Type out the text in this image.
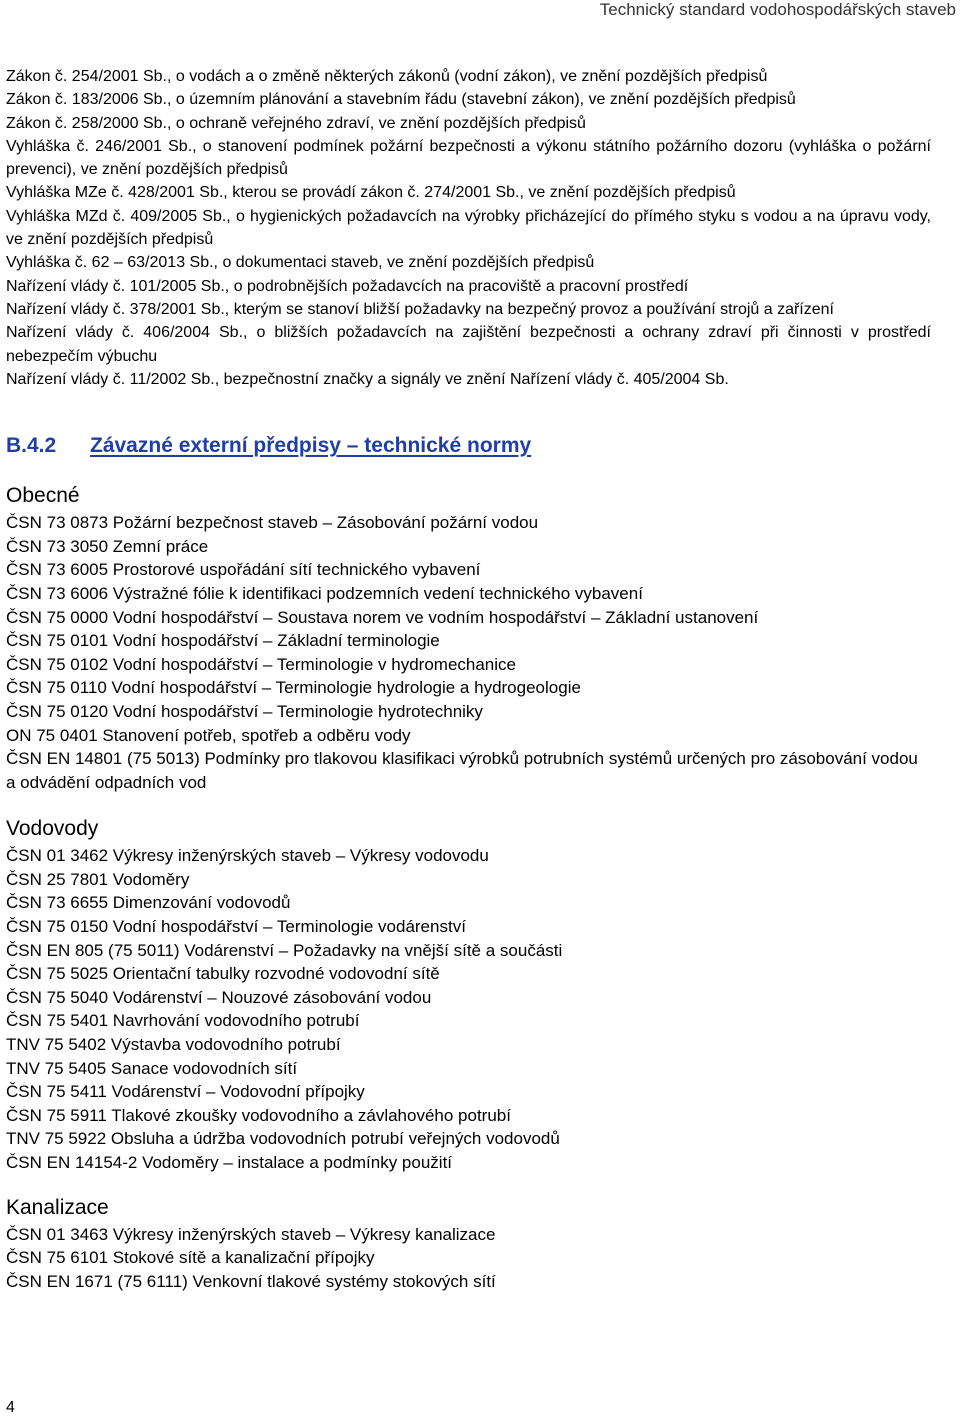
Technický standard vodohospodářských staveb

Zákon č. 254/2001 Sb., o vodách a o změně některých zákonů (vodní zákon), ve znění pozdějších předpisů

Zákon č. 183/2006 Sb., o územním plánování a stavebním řádu (stavební zákon), ve znění pozdějších předpisů

Zákon č. 258/2000 Sb., o ochraně veřejného zdraví, ve znění pozdějších předpisů

Vyhláška č. 246/2001 Sb., o stanovení podmínek požární bezpečnosti a výkonu státního požárního dozoru (vyhláška o požární prevenci), ve znění pozdějších předpisů

Vyhláška MZe č. 428/2001 Sb., kterou se provádí zákon č. 274/2001 Sb., ve znění pozdějších předpisů

Vyhláška MZd č. 409/2005 Sb., o hygienických požadavcích na výrobky přicházející do přímého styku s vodou a na úpravu vody, ve znění pozdějších předpisů

Vyhláška č. 62 – 63/2013 Sb., o dokumentaci staveb, ve znění pozdějších předpisů

Nařízení vlády č. 101/2005 Sb., o podrobnějších požadavcích na pracoviště a pracovní prostředí

Nařízení vlády č. 378/2001 Sb., kterým se stanoví bližší požadavky na bezpečný provoz a používání strojů a zařízení

Nařízení vlády č. 406/2004 Sb., o bližších požadavcích na zajištění bezpečnosti a ochrany zdraví při činnosti v prostředí nebezpečím výbuchu

Nařízení vlády č. 11/2002 Sb., bezpečnostní značky a signály ve znění Nařízení vlády č. 405/2004 Sb.

B.4.2 Závazné externí předpisy – technické normy
Obecné
ČSN 73 0873 Požární bezpečnost staveb – Zásobování požární vodou
ČSN 73 3050 Zemní práce
ČSN 73 6005 Prostorové uspořádání sítí technického vybavení
ČSN 73 6006 Výstražné fólie k identifikaci podzemních vedení technického vybavení
ČSN 75 0000 Vodní hospodářství – Soustava norem ve vodním hospodářství – Základní ustanovení
ČSN 75 0101 Vodní hospodářství – Základní terminologie
ČSN 75 0102 Vodní hospodářství – Terminologie v hydromechanice
ČSN 75 0110 Vodní hospodářství – Terminologie hydrologie a hydrogeologie
ČSN 75 0120 Vodní hospodářství – Terminologie hydrotechniky
ON 75 0401 Stanovení potřeb, spotřeb a odběru vody
ČSN EN 14801 (75 5013) Podmínky pro tlakovou klasifikaci výrobků potrubních systémů určených pro zásobování vodou a odvádění odpadních vod
Vodovody
ČSN 01 3462 Výkresy inženýrských staveb – Výkresy vodovodu
ČSN 25 7801 Vodoměry
ČSN 73 6655 Dimenzování vodovodů
ČSN 75 0150 Vodní hospodářství – Terminologie vodárenství
ČSN EN 805 (75 5011) Vodárenství – Požadavky na vnější sítě a součásti
ČSN 75 5025 Orientační tabulky rozvodné vodovodní sítě
ČSN 75 5040 Vodárenství – Nouzové zásobování vodou
ČSN 75 5401 Navrhování vodovodního potrubí
TNV 75 5402 Výstavba vodovodního potrubí
TNV 75 5405 Sanace vodovodních sítí
ČSN 75 5411 Vodárenství – Vodovodní přípojky
ČSN 75 5911 Tlakové zkoušky vodovodního a závlahového potrubí
TNV 75 5922 Obsluha a údržba vodovodních potrubí veřejných vodovodů
ČSN EN 14154-2 Vodoměry – instalace a podmínky použití
Kanalizace
ČSN 01 3463 Výkresy inženýrských staveb – Výkresy kanalizace
ČSN 75 6101 Stokové sítě a kanalizační přípojky
ČSN EN 1671 (75 6111) Venkovní tlakové systémy stokových sítí
4
